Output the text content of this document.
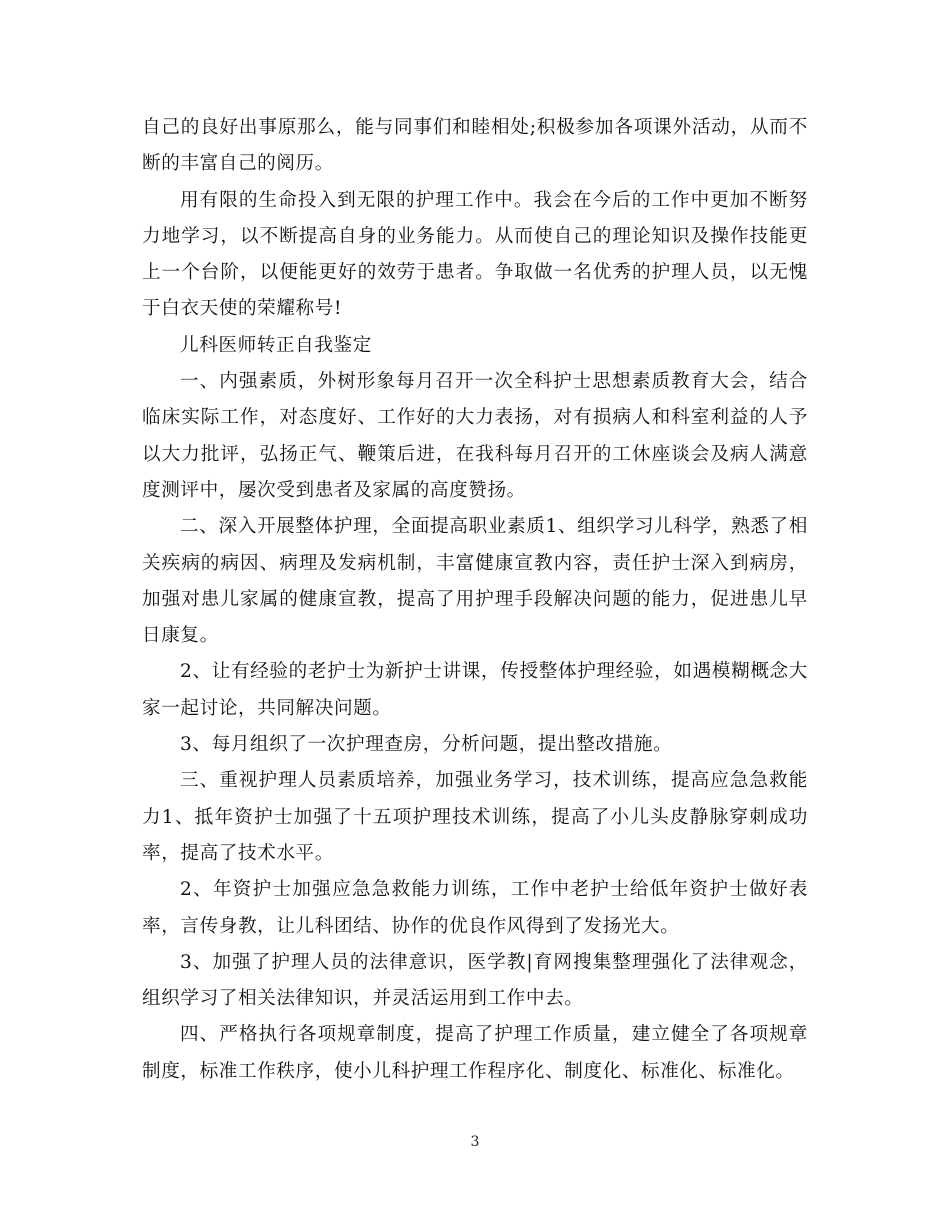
自己的良好出事原那么，能与同事们和睦相处;积极参加各项课外活动，从而不断的丰富自己的阅历。

用有限的生命投入到无限的护理工作中。我会在今后的工作中更加不断努力地学习，以不断提高自身的业务能力。从而使自己的理论知识及操作技能更上一个台阶，以便能更好的效劳于患者。争取做一名优秀的护理人员，以无愧于白衣天使的荣耀称号!

儿科医师转正自我鉴定

一、内强素质，外树形象每月召开一次全科护士思想素质教育大会，结合临床实际工作，对态度好、工作好的大力表扬，对有损病人和科室利益的人予以大力批评，弘扬正气、鞭策后进，在我科每月召开的工休座谈会及病人满意度测评中，屡次受到患者及家属的高度赞扬。

二、深入开展整体护理，全面提高职业素质1、组织学习儿科学，熟悉了相关疾病的病因、病理及发病机制，丰富健康宣教内容，责任护士深入到病房，加强对患儿家属的健康宣教，提高了用护理手段解决问题的能力，促进患儿早日康复。

2、让有经验的老护士为新护士讲课，传授整体护理经验，如遇模糊概念大家一起讨论，共同解决问题。

3、每月组织了一次护理查房，分析问题，提出整改措施。

三、重视护理人员素质培养，加强业务学习，技术训练，提高应急急救能力1、抵年资护士加强了十五项护理技术训练，提高了小儿头皮静脉穿刺成功率，提高了技术水平。

2、年资护士加强应急急救能力训练，工作中老护士给低年资护士做好表率，言传身教，让儿科团结、协作的优良作风得到了发扬光大。

3、加强了护理人员的法律意识，医学教|育网搜集整理强化了法律观念，组织学习了相关法律知识，并灵活运用到工作中去。

四、严格执行各项规章制度，提高了护理工作质量，建立健全了各项规章制度，标准工作秩序，使小儿科护理工作程序化、制度化、标准化、标准化。

3
